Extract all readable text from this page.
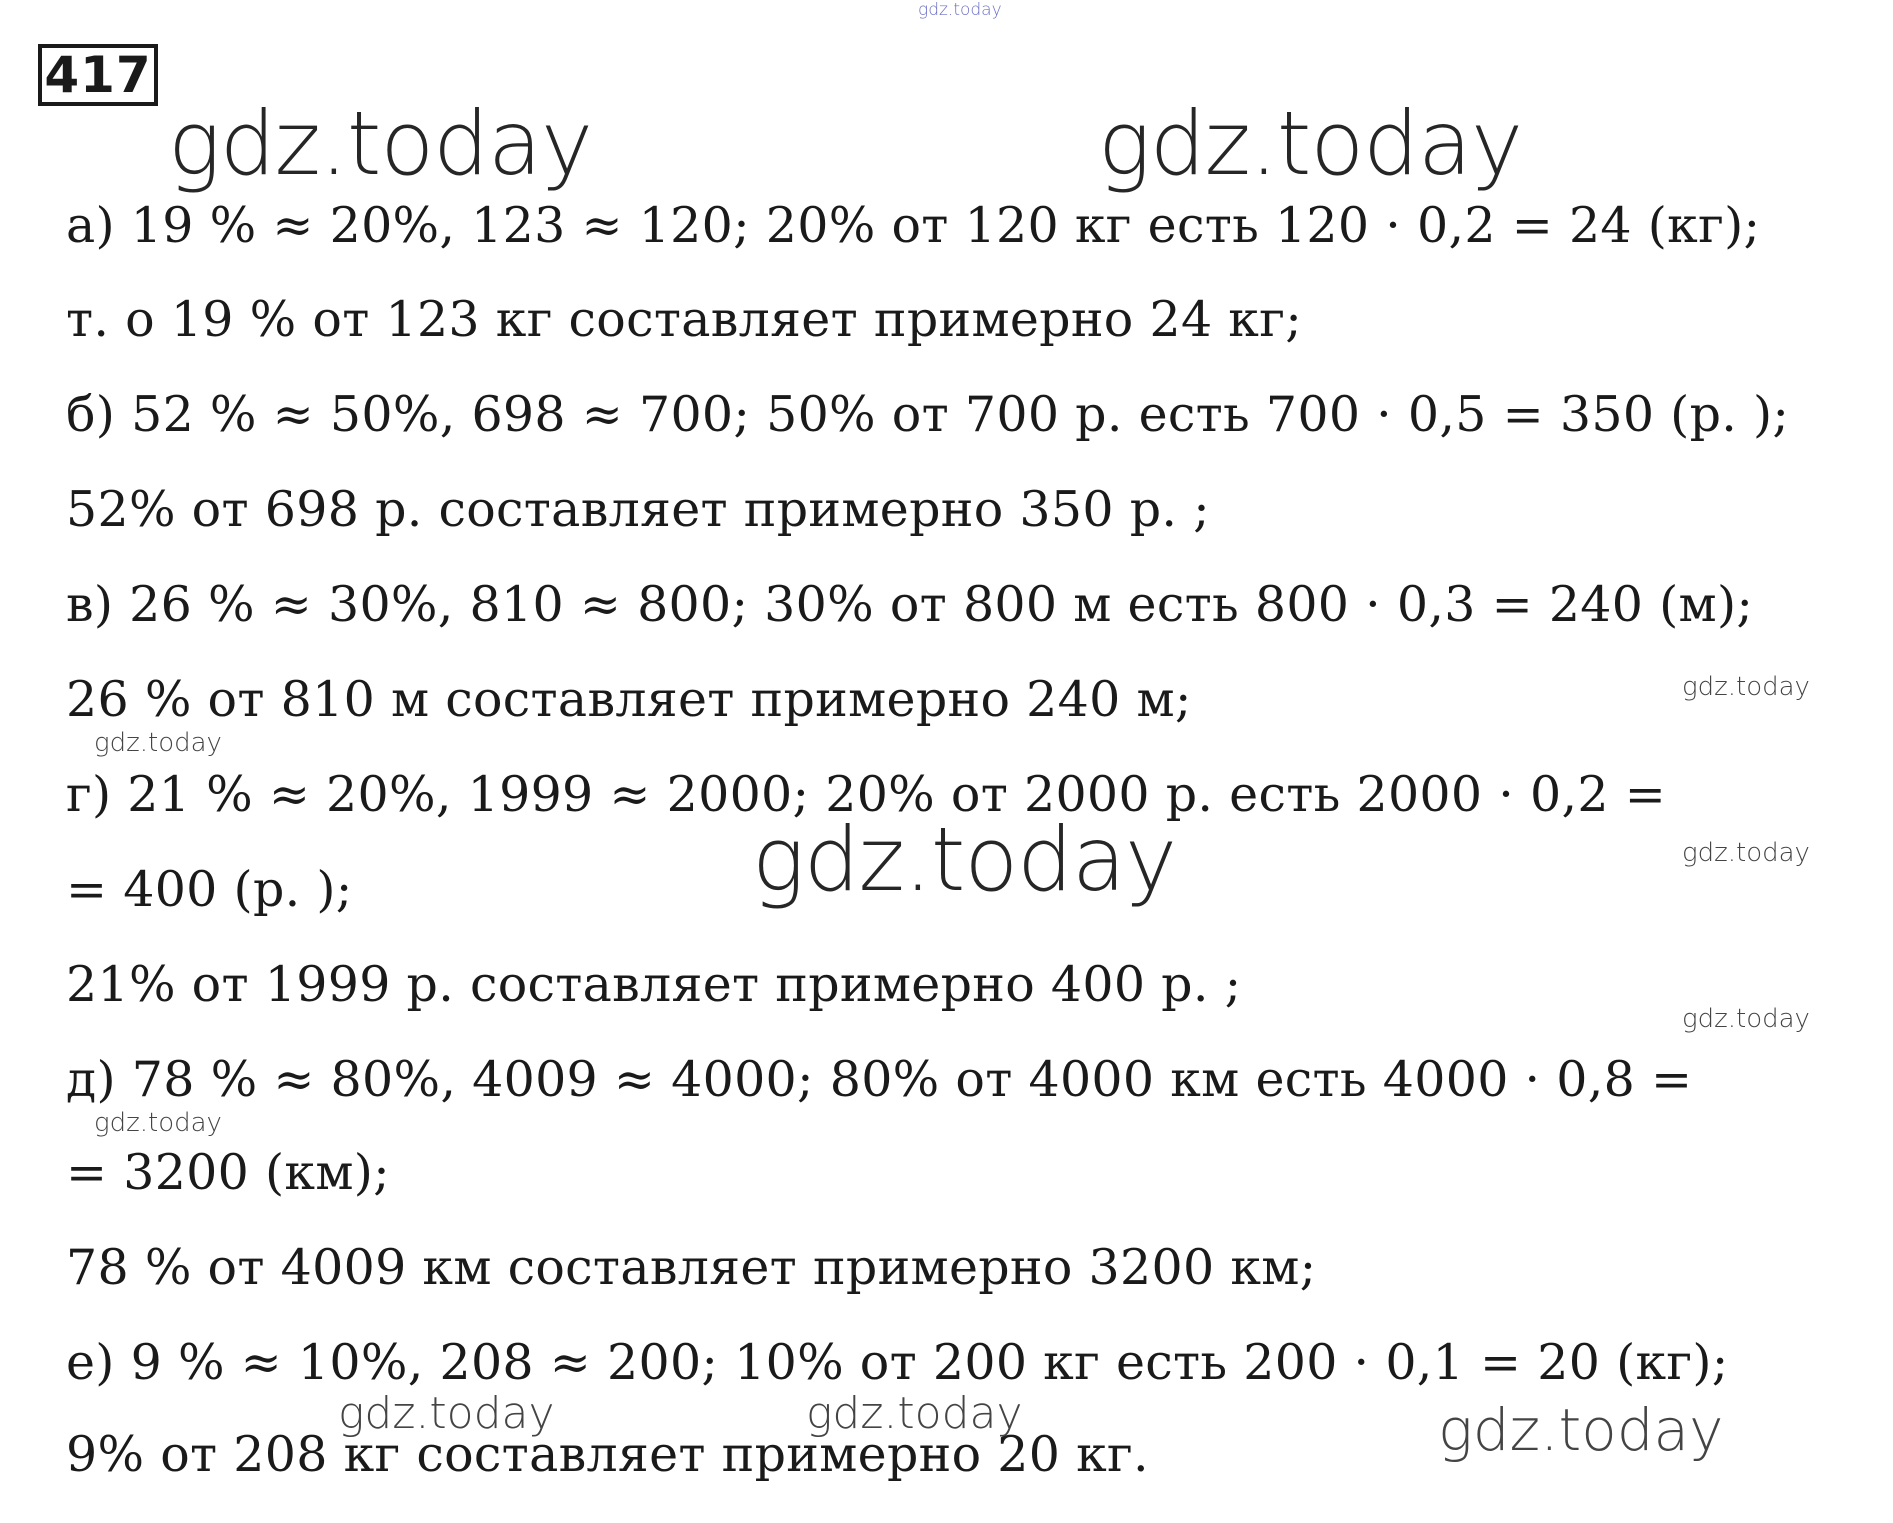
gdz.today
417
gdz.today	gdz.today
gdz.today
а) 19 % ≈ 20%, 123 ≈ 120; 20% от 120 кг есть 120 · 0,2 = 24 (кг);
т. о 19 % от 123 кг составляет примерно 24 кг;
б) 52 % ≈ 50%, 698 ≈ 700; 50% от 700 р. есть 700 · 0,5 = 350 (р. );
52% от 698 р. составляет примерно 350 р. ;
в) 26 % ≈ 30%, 810 ≈ 800; 30% от 800 м есть 800 · 0,3 = 240 (м);
26 % от 810 м составляет примерно 240 м;
г) 21 % ≈ 20%, 1999 ≈ 2000; 20% от 2000 р. есть 2000 · 0,2 =
= 400 (р. );
21% от 1999 р. составляет примерно 400 р. ;
д) 78 % ≈ 80%, 4009 ≈ 4000; 80% от 4000 км есть 4000 · 0,8 =
= 3200 (км);
78 % от 4009 км составляет примерно 3200 км;
е) 9 % ≈ 10%, 208 ≈ 200; 10% от 200 кг есть 200 · 0,1 = 20 (кг);
9% от 208 кг составляет примерно 20 кг.
gdz.today
gdz.today
gdz.today
gdz.today
gdz.today
gdz.today	gdz.today	gdz.today
